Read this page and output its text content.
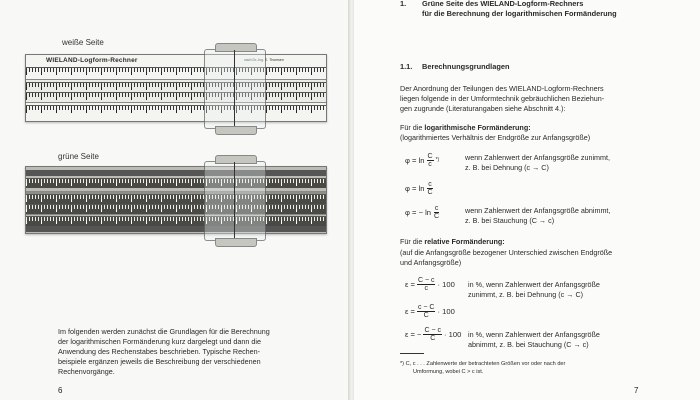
weiße Seite
WIELAND-Logform-Rechner	nach Dr.-Ing. E. Thomsen
grüne Seite
Im folgenden werden zunächst die Grundlagen für die Berechnung
der logarithmischen Formänderung kurz dargelegt und dann die
Anwendung des Rechenstabes beschrieben. Typische Rechen-
beispiele ergänzen jeweils die Beschreibung der verschiedenen
Rechenvorgänge.
6
1. Grüne Seite des WIELAND-Logform-Rechners
für die Berechnung der logarithmischen Formänderung
1.1. Berechnungsgrundlagen
Der Anordnung der Teilungen des WIELAND-Logform-Rechners
liegen folgende in der Umformtechnik gebräuchlichen Beziehun-
gen zugrunde (Literaturangaben siehe Abschnitt 4.):
Für die logarithmische Formänderung:
(logarithmiertes Verhältnis der Endgröße zur Anfangsgröße)
$\varphi = \ln \frac{C}{c}$ *)	wenn Zahlenwert der Anfangsgröße zunimmt,
z. B. bei Dehnung (c → C)
$\varphi = \ln \frac{c}{C}$
φ = − $\ln \frac{c}{C}$	wenn Zahlenwert der Anfangsgröße abnimmt,
z. B. bei Stauchung (C → c)
Für die relative Formänderung:
(auf die Anfangsgröße bezogener Unterschied zwischen Endgröße
und Anfangsgröße)
$\varepsilon = \frac{C - c}{c} \cdot 100$ in %, wenn Zahlenwert der Anfangsgröße
zunimmt, z. B. bei Dehnung (c → C)
$\varepsilon = \frac{c - C}{C} \cdot 100$
ε = − $\frac{C - c}{C} \cdot 100$ in %, wenn Zahlenwert der Anfangsgröße
abnimmt, z. B. bei Stauchung (C → c)
*) C, c . . . Zahlenwerte der betrachteten Größen vor oder nach der
Umformung, wobei C > c ist.
7
